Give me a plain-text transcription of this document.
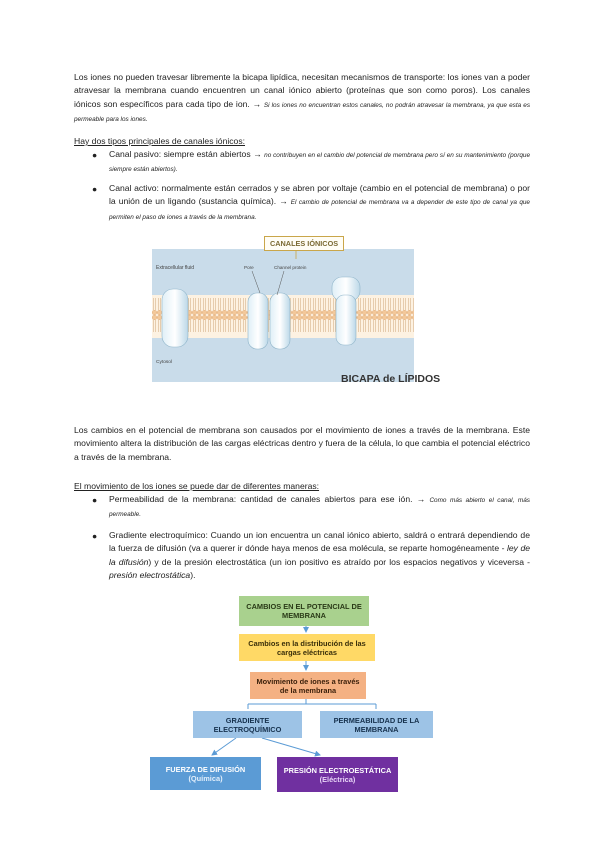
Los iones no pueden travesar libremente la bicapa lipídica, necesitan mecanismos de transporte: los iones van a poder atravesar la membrana cuando encuentren un canal iónico abierto (proteínas que son como poros). Los canales iónicos son específicos para cada tipo de ion. → Si los iones no encuentran estos canales, no podrán atravesar la membrana, ya que esta es permeable para los iones.

Hay dos tipos principales de canales iónicos:
● Canal pasivo: siempre están abiertos → no contribuyen en el cambio del potencial de membrana pero sí en su mantenimiento (porque siempre están abiertos).

● Canal activo: normalmente están cerrados y se abren por voltaje (cambio en el potencial de membrana) o por la unión de un ligando (sustancia química). → El cambio de potencial de membrana va a depender de este tipo de canal ya que permiten el paso de iones a través de la membrana.

Extracellular fluid	Pore	Channel protein
Cytosol
CANALES IÓNICOS
BICAPA de LÍPIDOS

Los cambios en el potencial de membrana son causados por el movimiento de iones a través de la membrana. Este movimiento altera la distribución de las cargas eléctricas dentro y fuera de la célula, lo que cambia el potencial eléctrico a través de la membrana.

El movimiento de los iones se puede dar de diferentes maneras:
● Permeabilidad de la membrana: cantidad de canales abiertos para ese ión. → Como más abierto el canal, más permeable.

● Gradiente electroquímico: Cuando un ion encuentra un canal iónico abierto, saldrá o entrará dependiendo de la fuerza de difusión (va a querer ir dónde haya menos de esa molécula, se reparte homogéneamente - ley de la difusión) y de la presión electrostática (un ion positivo es atraído por los espacios negativos y viceversa - presión electrostática).

CAMBIOS EN EL POTENCIAL DE MEMBRANA
Cambios en la distribución de las cargas eléctricas
Movimiento de iones a través de la membrana
GRADIENTE ELECTROQUÍMICO
PERMEABILIDAD DE LA MEMBRANA
FUERZA DE DIFUSIÓN
(Química)
PRESIÓN ELECTROESTÁTICA
(Eléctrica)
